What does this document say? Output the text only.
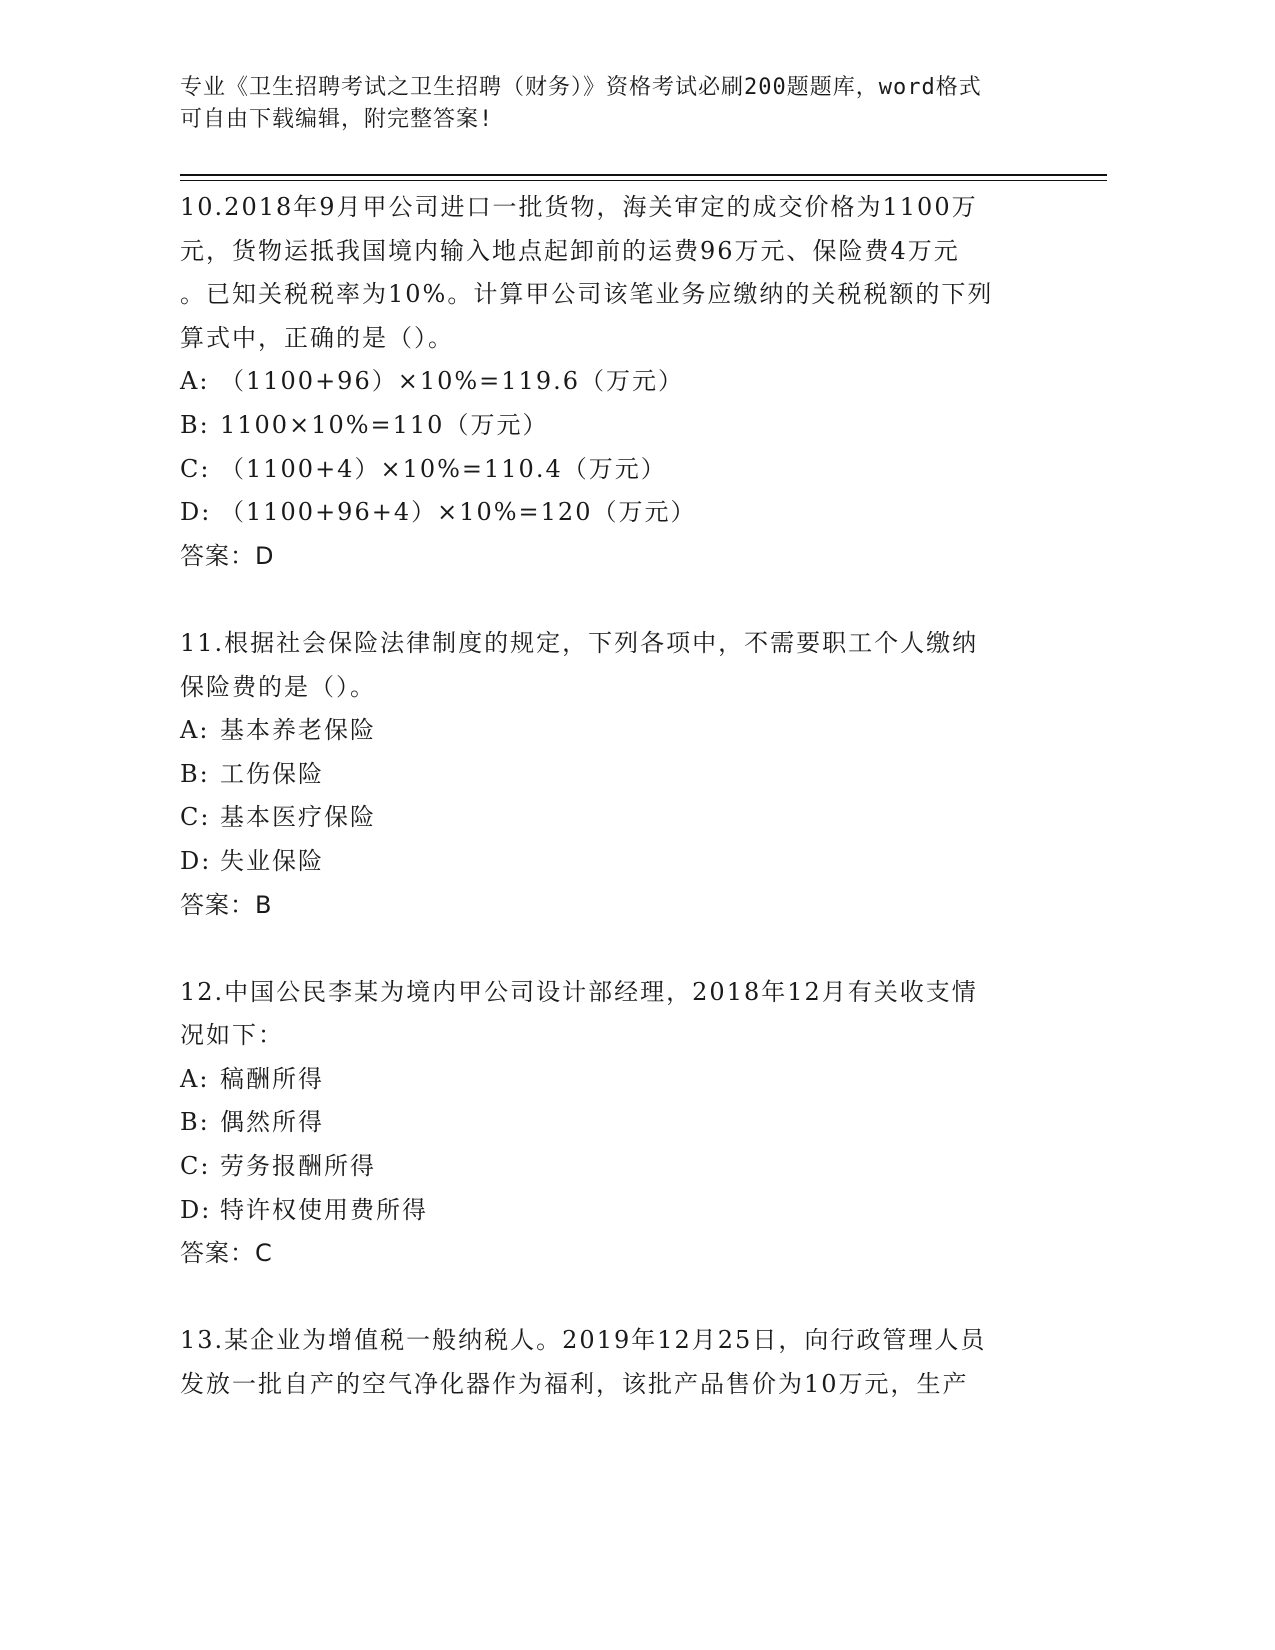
专业《卫生招聘考试之卫生招聘（财务）》资格考试必刷200题题库，word格式
可自由下载编辑，附完整答案!
10.2018年9月甲公司进口一批货物，海关审定的成交价格为1100万
元，货物运抵我国境内输入地点起卸前的运费96万元、保险费4万元
。已知关税税率为10%。计算甲公司该笔业务应缴纳的关税税额的下列
算式中，正确的是（）。
A: （1100+96）×10%=119.6（万元）
B: 1100×10%=110（万元）
C: （1100+4）×10%=110.4（万元）
D: （1100+96+4）×10%=120（万元）
答案：D
11.根据社会保险法律制度的规定，下列各项中，不需要职工个人缴纳
保险费的是（）。
A: 基本养老保险
B: 工伤保险
C: 基本医疗保险
D: 失业保险
答案：B
12.中国公民李某为境内甲公司设计部经理，2018年12月有关收支情
况如下：
A: 稿酬所得
B: 偶然所得
C: 劳务报酬所得
D: 特许权使用费所得
答案：C
13.某企业为增值税一般纳税人。2019年12月25日，向行政管理人员
发放一批自产的空气净化器作为福利，该批产品售价为10万元，生产
